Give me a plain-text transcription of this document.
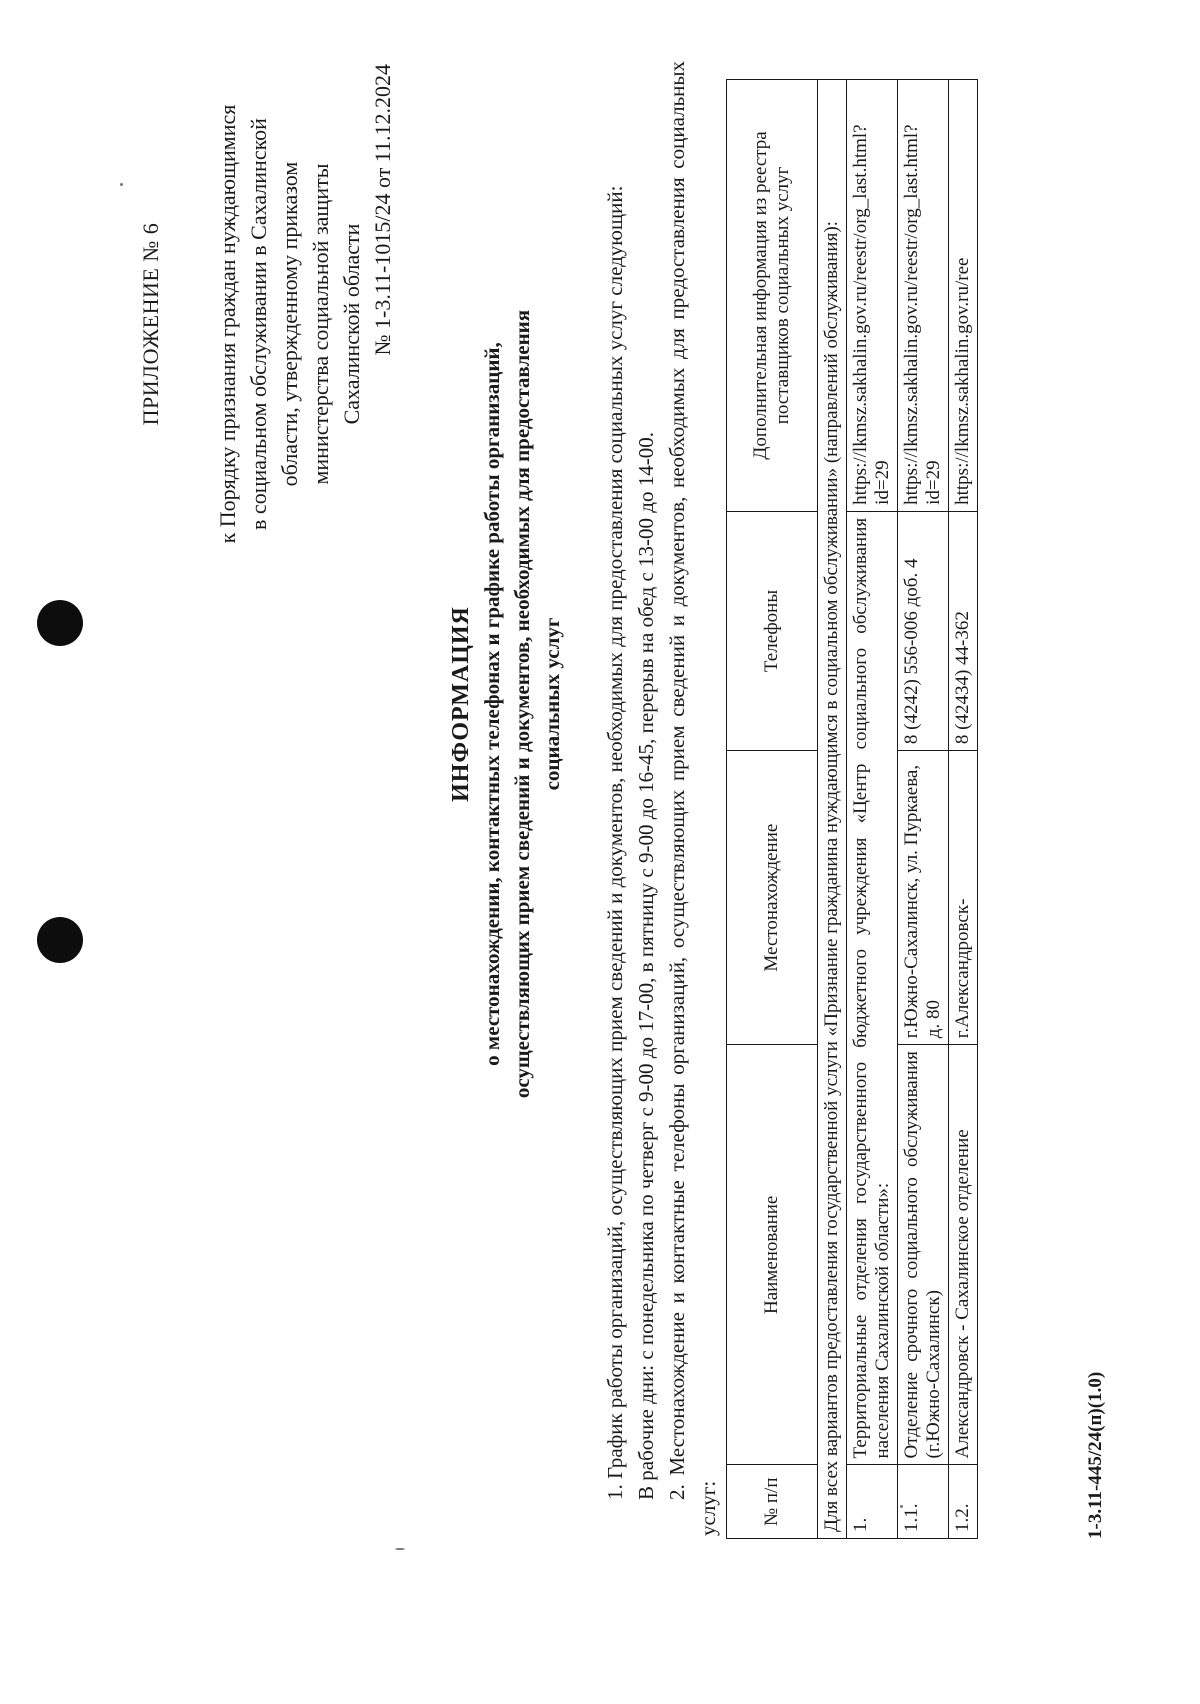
ПРИЛОЖЕНИЕ № 6 к Порядку признания граждан нуждающимися в социальном обслуживании в Сахалинской области, утвержденному приказом министерства социальной защиты Сахалинской области № 1-3.11-1015/24 от 11.12.2024
ИНФОРМАЦИЯ о местонахождении, контактных телефонах и графике работы организаций, осуществляющих прием сведений и документов, необходимых для предоставления социальных услуг 1. График работы организаций, осуществляющих прием сведений и документов, необходимых для предоставления социальных услуг следующий: В рабочие дни: с понедельника по четверг с 9-00 до 17-00, в пятницу с 9-00 до 16-45, перерыв на обед с 13-00 до 14-00. 2. Местонахождение и контактные телефоны организаций, осуществляющих прием сведений и документов, необходимых для предоставления социальных услуг: № п/п	Наименование	Местонахождение	Телефоны	Дополнительная информация из реестра поставщиков социальных услуг
Для всех вариантов предоставления государственной услуги «Признание гражданина нуждающимся в социальном обслуживании» (направлений обслуживания):				
1.	Территориальные отделения государственного бюджетного учреждения «Центр социального обслуживания населения Сахалинской области»:			https://lkmsz.sakhalin.gov.ru/reestr/org_last.html?id=29
1.1.	Отделение срочного социального обслуживания (г.Южно-Сахалинск)	г.Южно-Сахалинск, ул. Пуркаева, д. 80	8 (4242) 556-006 доб. 4	https://lkmsz.sakhalin.gov.ru/reestr/org_last.html?id=29
1.2.	Александровск - Сахалинское отделение	г.Александровск-	8 (42434) 44-362	https://lkmsz.sakhalin.gov.ru/ree
1-3.11-445/24(п)(1.0)
